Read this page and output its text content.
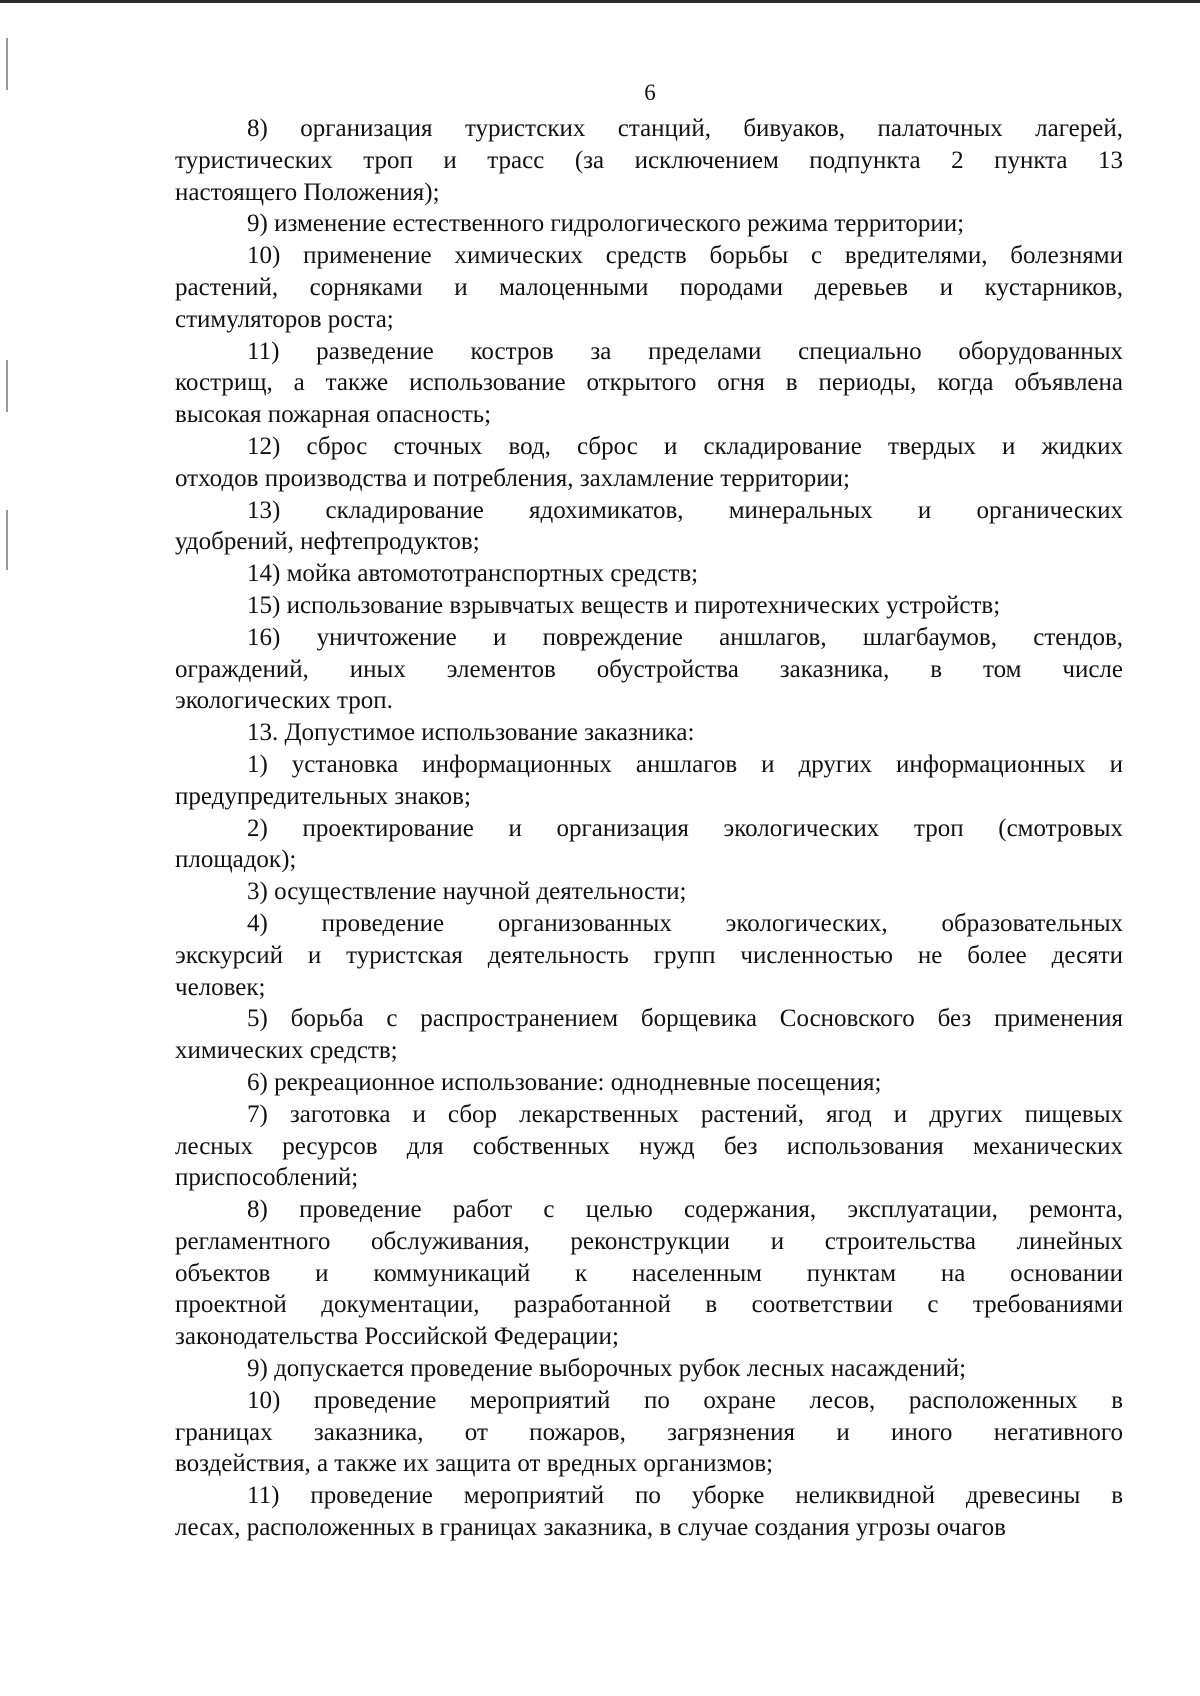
6
8) организация туристских станций, бивуаков, палаточных лагерей,
туристических троп и трасс (за исключением подпункта 2 пункта 13
настоящего Положения);
9) изменение естественного гидрологического режима территории;
10) применение химических средств борьбы с вредителями, болезнями
растений, сорняками и малоценными породами деревьев и кустарников,
стимуляторов роста;
11) разведение костров за пределами специально оборудованных
кострищ, а также использование открытого огня в периоды, когда объявлена
высокая пожарная опасность;
12) сброс сточных вод, сброс и складирование твердых и жидких
отходов производства и потребления, захламление территории;
13) складирование ядохимикатов, минеральных и органических
удобрений, нефтепродуктов;
14) мойка автомототранспортных средств;
15) использование взрывчатых веществ и пиротехнических устройств;
16) уничтожение и повреждение аншлагов, шлагбаумов, стендов,
ограждений, иных элементов обустройства заказника, в том числе
экологических троп.
13. Допустимое использование заказника:
1) установка информационных аншлагов и других информационных и
предупредительных знаков;
2) проектирование и организация экологических троп (смотровых
площадок);
3) осуществление научной деятельности;
4) проведение организованных экологических, образовательных
экскурсий и туристская деятельность групп численностью не более десяти
человек;
5) борьба с распространением борщевика Сосновского без применения
химических средств;
6) рекреационное использование: однодневные посещения;
7) заготовка и сбор лекарственных растений, ягод и других пищевых
лесных ресурсов для собственных нужд без использования механических
приспособлений;
8) проведение работ с целью содержания, эксплуатации, ремонта,
регламентного обслуживания, реконструкции и строительства линейных
объектов и коммуникаций к населенным пунктам на основании
проектной документации, разработанной в соответствии с требованиями
законодательства Российской Федерации;
9) допускается проведение выборочных рубок лесных насаждений;
10) проведение мероприятий по охране лесов, расположенных в
границах заказника, от пожаров, загрязнения и иного негативного
воздействия, а также их защита от вредных организмов;
11) проведение мероприятий по уборке неликвидной древесины в
лесах, расположенных в границах заказника, в случае создания угрозы очагов
